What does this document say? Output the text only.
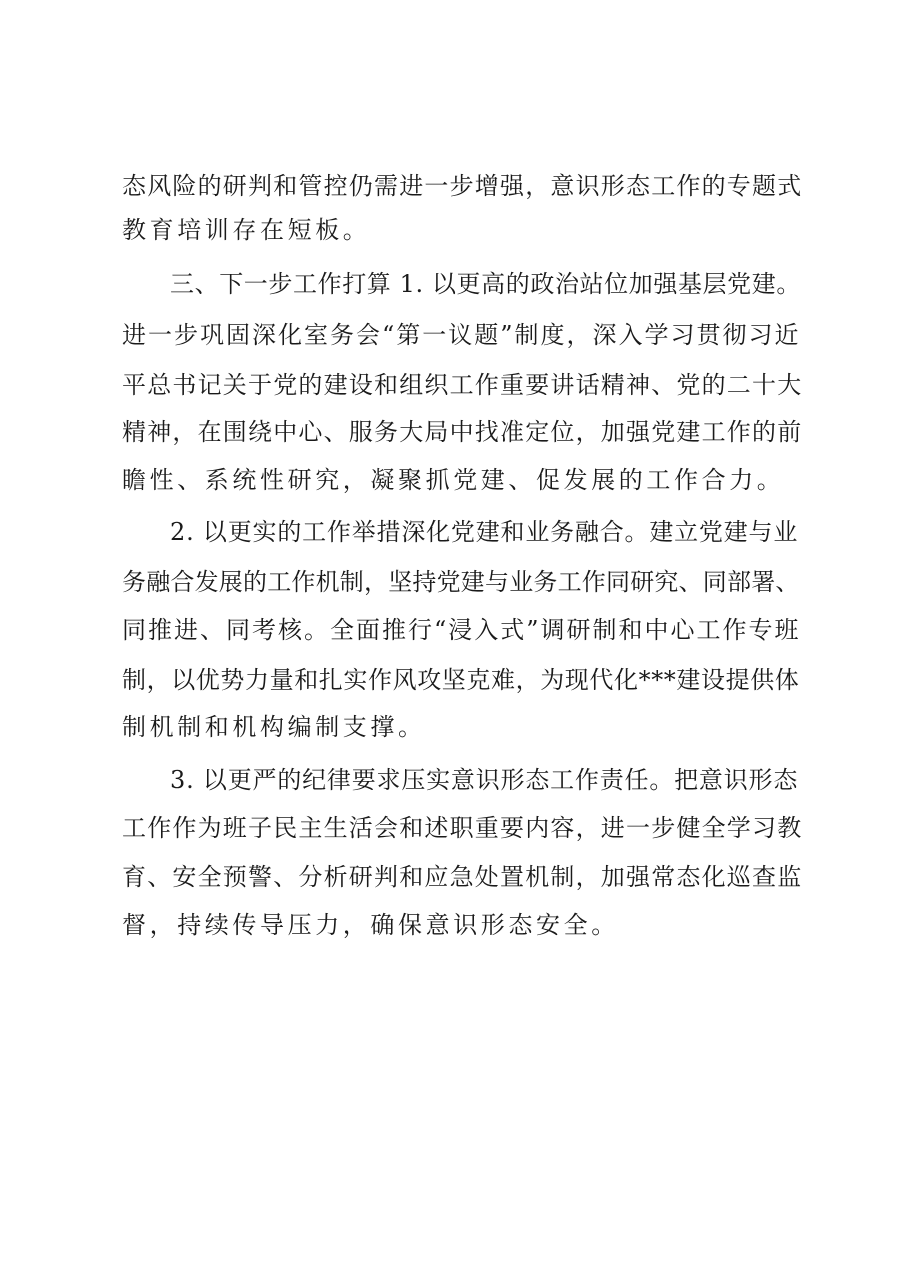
态风险的研判和管控仍需进一步增强，意识形态工作的专题式
教育培训存在短板。
三、下一步工作打算 1. 以更高的政治站位加强基层党建。
进一步巩固深化室务会“第一议题”制度，深入学习贯彻习近
平总书记关于党的建设和组织工作重要讲话精神、党的二十大
精神，在围绕中心、服务大局中找准定位，加强党建工作的前
瞻性、系统性研究，凝聚抓党建、促发展的工作合力。
2. 以更实的工作举措深化党建和业务融合。建立党建与业
务融合发展的工作机制，坚持党建与业务工作同研究、同部署、
同推进、同考核。全面推行“浸入式”调研制和中心工作专班
制，以优势力量和扎实作风攻坚克难，为现代化***建设提供体
制机制和机构编制支撑。
3. 以更严的纪律要求压实意识形态工作责任。把意识形态
工作作为班子民主生活会和述职重要内容，进一步健全学习教
育、安全预警、分析研判和应急处置机制，加强常态化巡查监
督，持续传导压力，确保意识形态安全。
